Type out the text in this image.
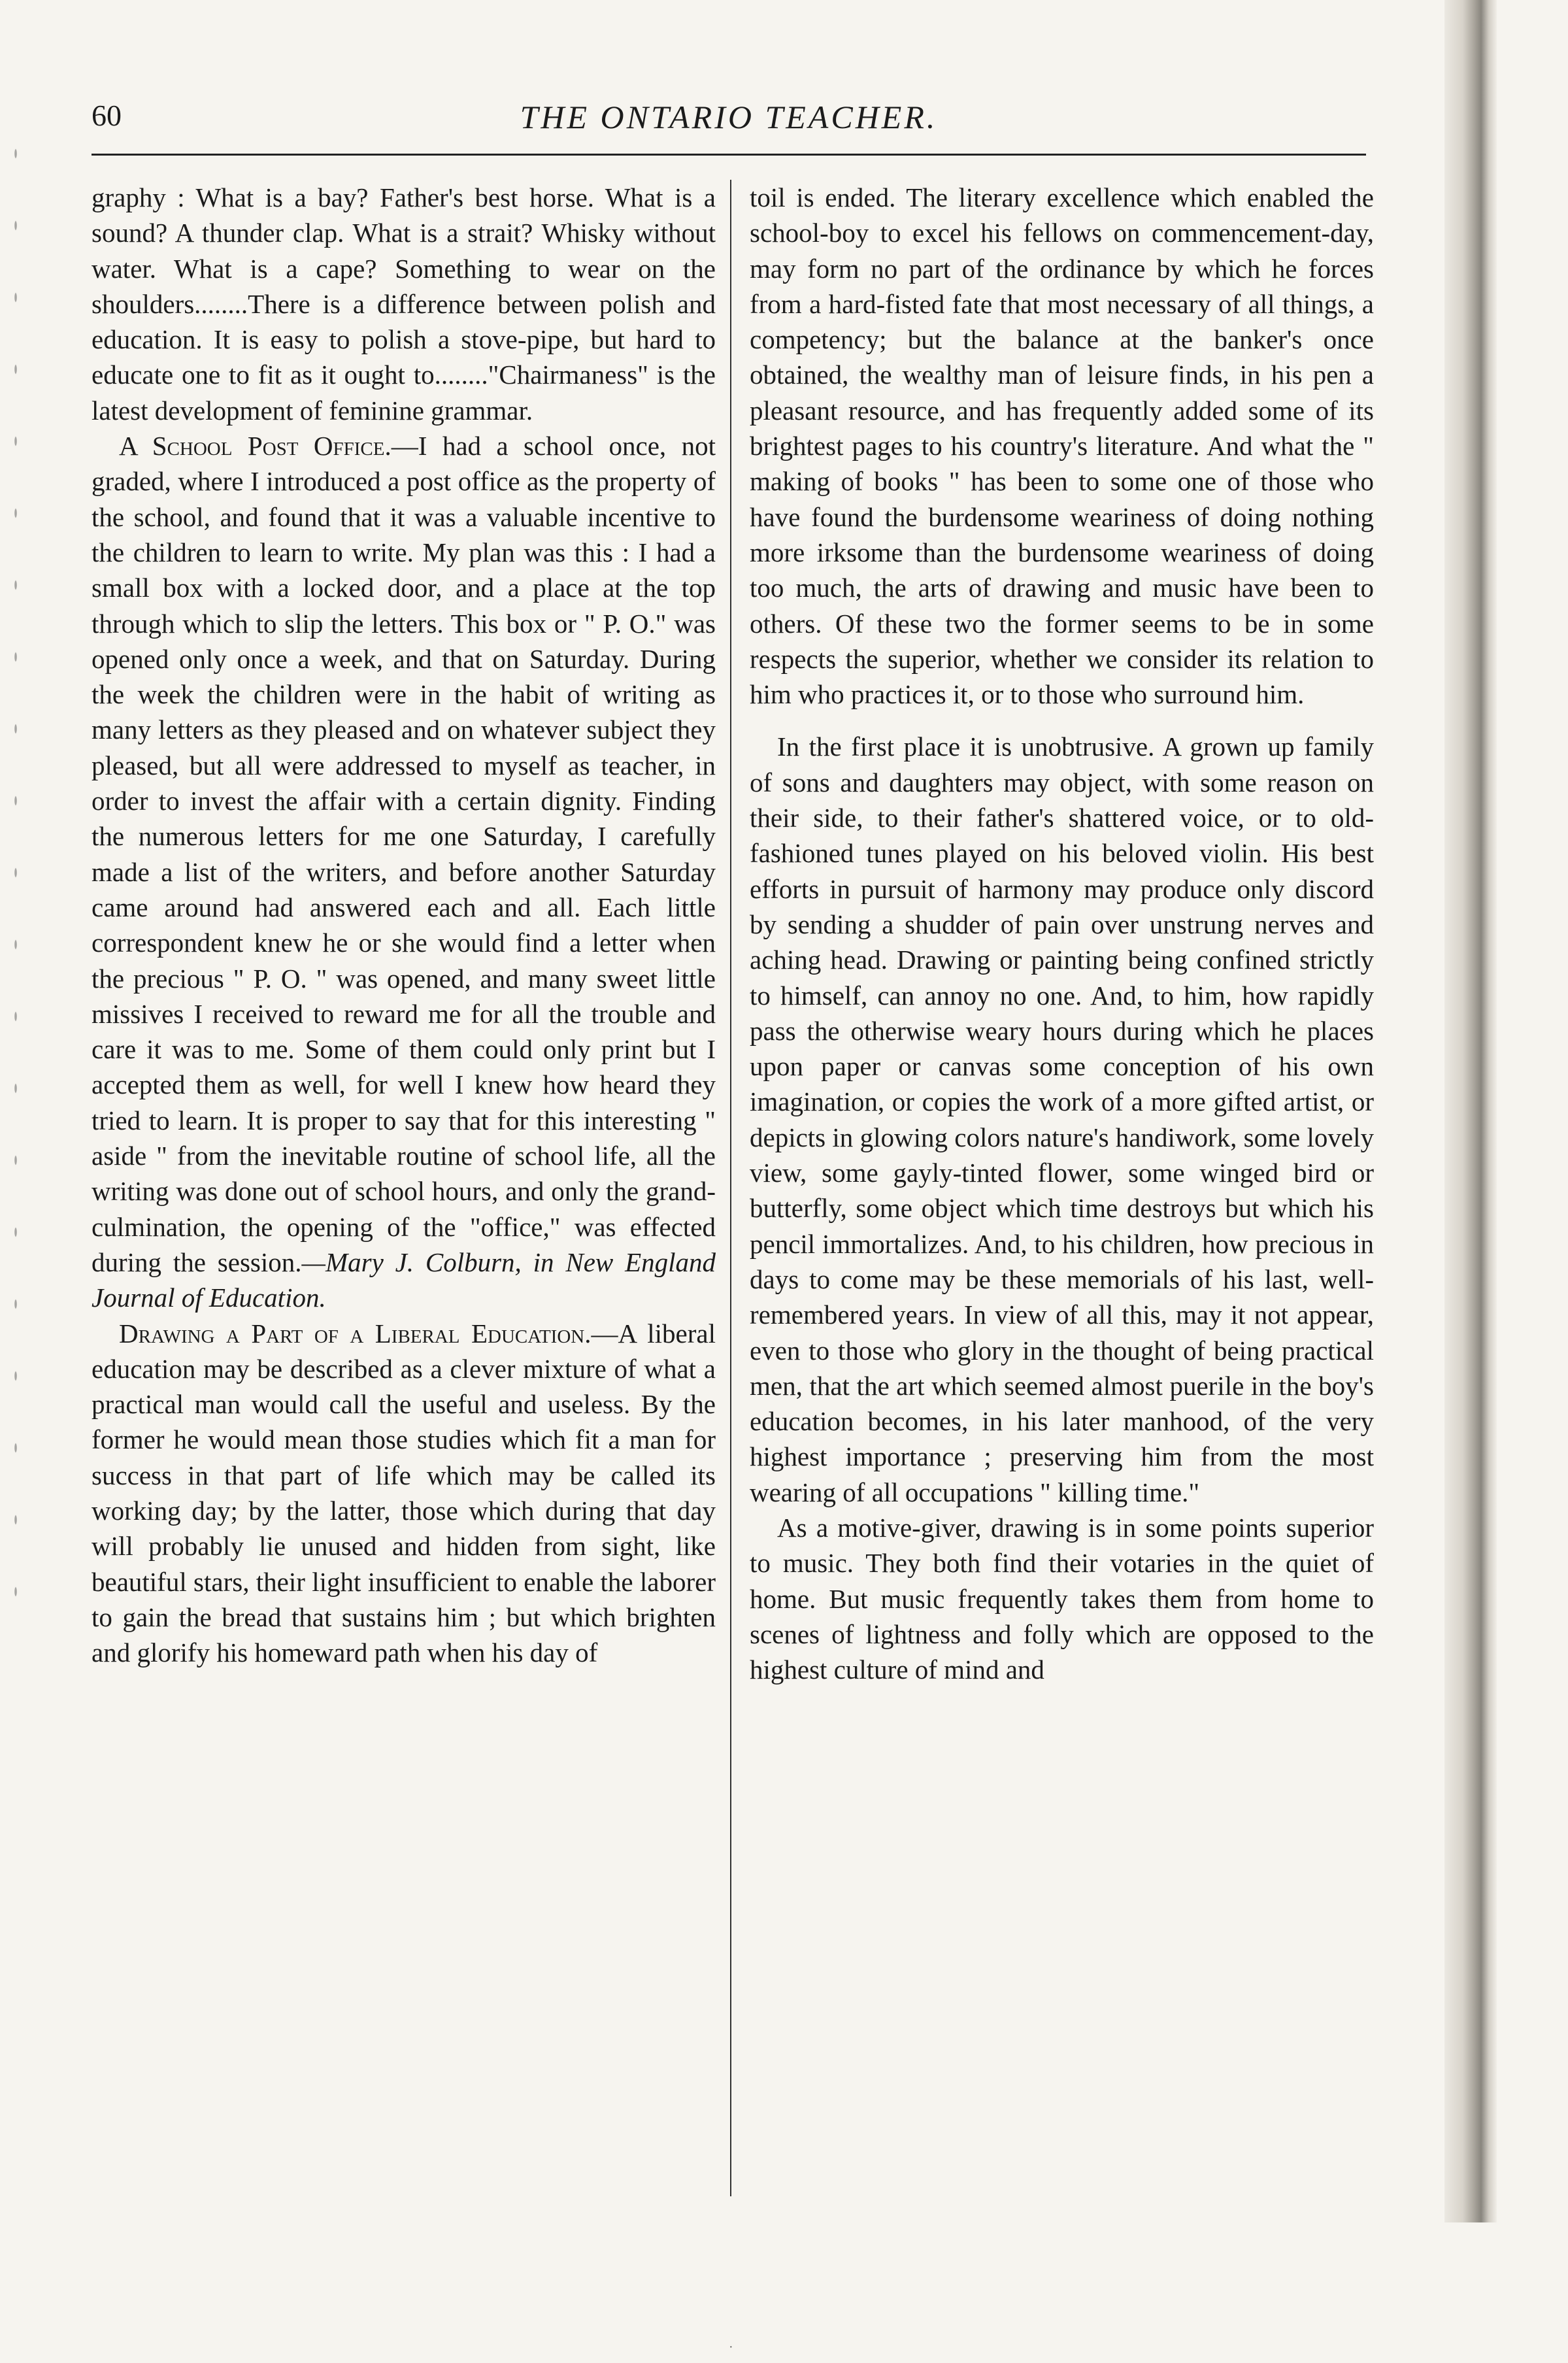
60	THE ONTARIO TEACHER.

graphy : What is a bay? Father's best horse. What is a sound? A thunder clap. What is a strait? Whisky without water. What is a cape? Something to wear on the shoulders........There is a difference between polish and education. It is easy to polish a stove-pipe, but hard to educate one to fit as it ought to........"Chairmaness" is the latest development of feminine grammar.

A School Post Office.—I had a school once, not graded, where I introduced a post office as the property of the school, and found that it was a valuable incentive to the children to learn to write. My plan was this : I had a small box with a locked door, and a place at the top through which to slip the letters. This box or " P. O." was opened only once a week, and that on Saturday. During the week the children were in the habit of writing as many letters as they pleased and on whatever subject they pleased, but all were addressed to myself as teacher, in order to invest the affair with a certain dignity. Finding the numerous letters for me one Saturday, I carefully made a list of the writers, and before another Saturday came around had answered each and all. Each little correspondent knew he or she would find a letter when the precious " P. O. " was opened, and many sweet little missives I received to reward me for all the trouble and care it was to me. Some of them could only print but I accepted them as well, for well I knew how heard they tried to learn. It is proper to say that for this interesting " aside " from the inevitable routine of school life, all the writing was done out of school hours, and only the grand-culmination, the opening of the "office," was effected during the session.—Mary J. Colburn, in New England Journal of Education.

Drawing a Part of a Liberal Education.—A liberal education may be described as a clever mixture of what a practical man would call the useful and useless. By the former he would mean those studies which fit a man for success in that part of life which may be called its working day; by the latter, those which during that day will probably lie unused and hidden from sight, like beautiful stars, their light insufficient to enable the laborer to gain the bread that sustains him ; but which brighten and glorify his homeward path when his day of

toil is ended. The literary excellence which enabled the school-boy to excel his fellows on commencement-day, may form no part of the ordinance by which he forces from a hard-fisted fate that most necessary of all things, a competency; but the balance at the banker's once obtained, the wealthy man of leisure finds, in his pen a pleasant resource, and has frequently added some of its brightest pages to his country's literature. And what the " making of books " has been to some one of those who have found the burdensome weariness of doing nothing more irksome than the burdensome weariness of doing too much, the arts of drawing and music have been to others. Of these two the former seems to be in some respects the superior, whether we consider its relation to him who practices it, or to those who surround him.

In the first place it is unobtrusive. A grown up family of sons and daughters may object, with some reason on their side, to their father's shattered voice, or to old-fashioned tunes played on his beloved violin. His best efforts in pursuit of harmony may produce only discord by sending a shudder of pain over unstrung nerves and aching head. Drawing or painting being confined strictly to himself, can annoy no one. And, to him, how rapidly pass the otherwise weary hours during which he places upon paper or canvas some conception of his own imagination, or copies the work of a more gifted artist, or depicts in glowing colors nature's handiwork, some lovely view, some gayly-tinted flower, some winged bird or butterfly, some object which time destroys but which his pencil immortalizes. And, to his children, how precious in days to come may be these memorials of his last, well-remembered years. In view of all this, may it not appear, even to those who glory in the thought of being practical men, that the art which seemed almost puerile in the boy's education becomes, in his later manhood, of the very highest importance ; preserving him from the most wearing of all occupations " killing time."

As a motive-giver, drawing is in some points superior to music. They both find their votaries in the quiet of home. But music frequently takes them from home to scenes of lightness and folly which are opposed to the highest culture of mind and

·
